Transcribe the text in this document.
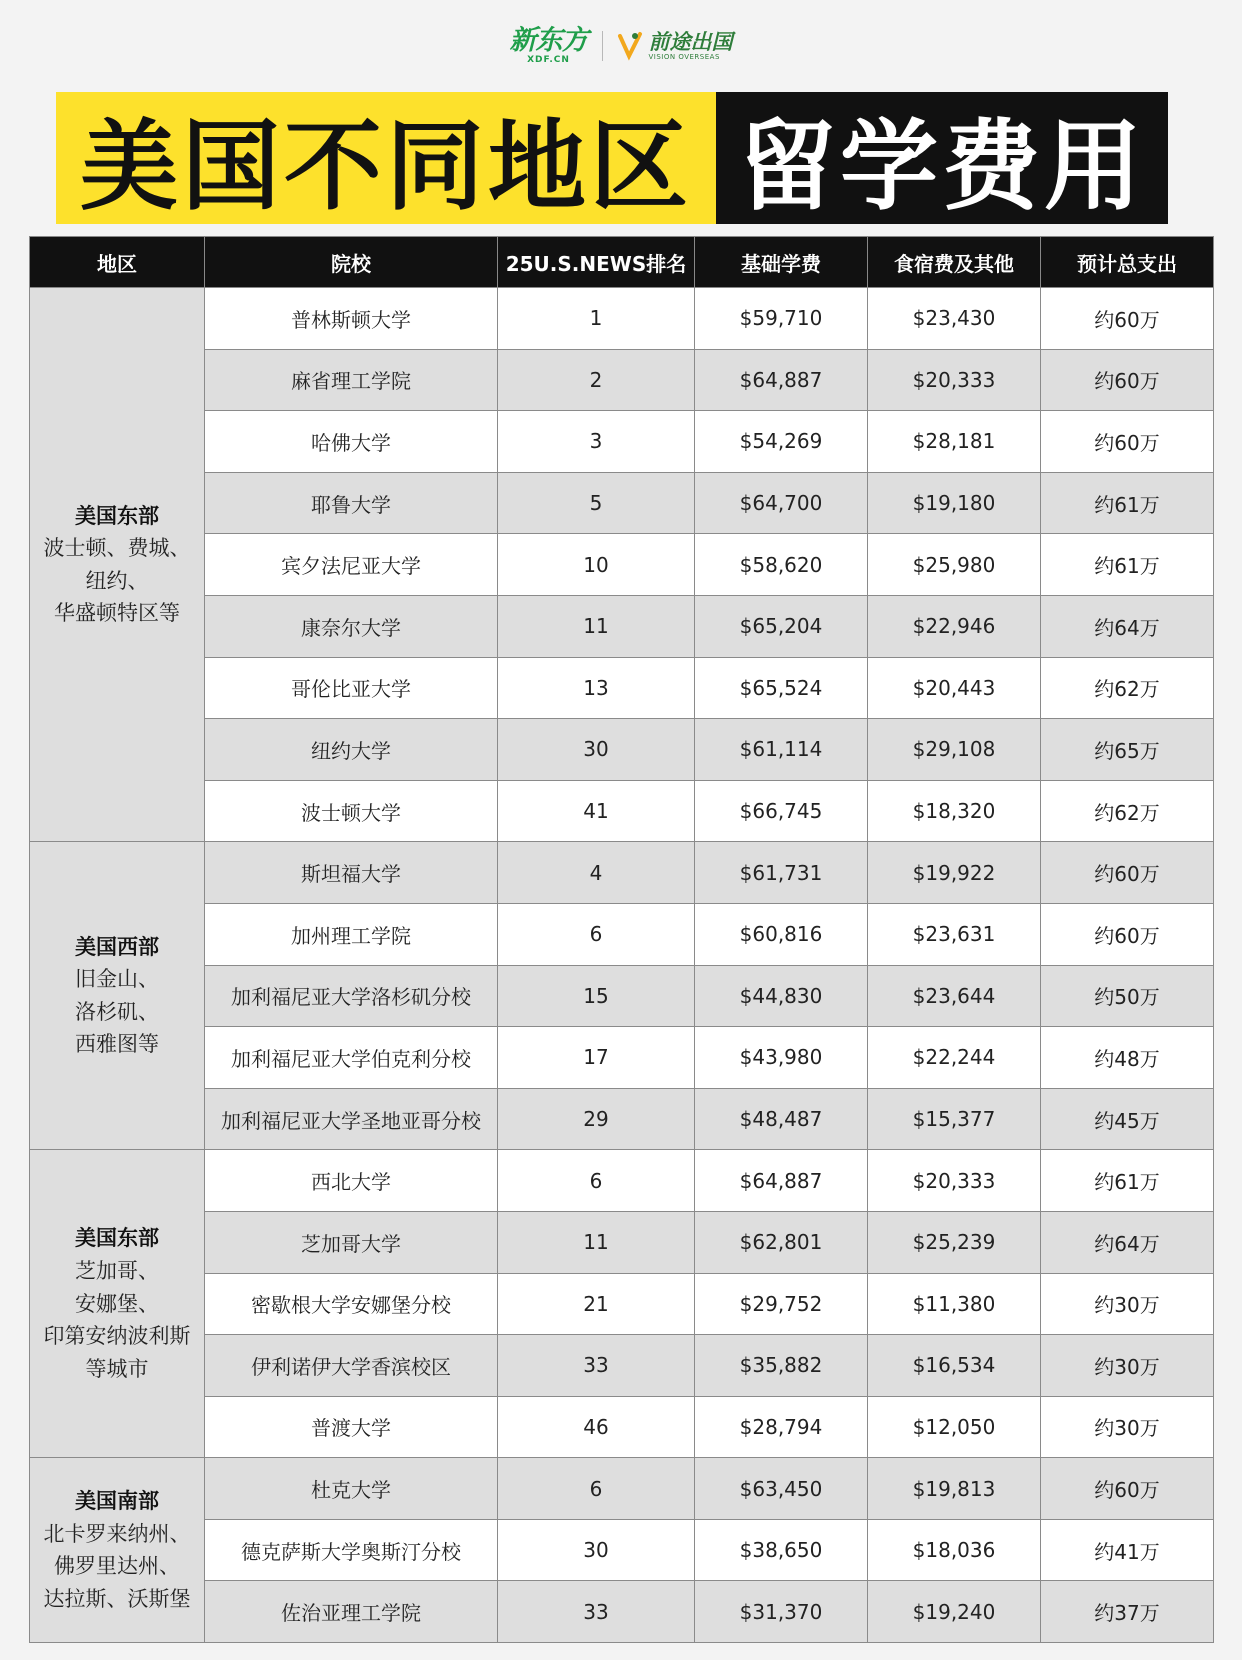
新东方
XDF.CN
前途出国
VISION OVERSEAS
美国不同地区 留学费用
地区	院校	25U.S.NEWS排名	基础学费	食宿费及其他	预计总支出

美国东部
波士顿、费城、
纽约、
华盛顿特区等	普林斯顿大学	1	$59,710	$23,430	约60万
	麻省理工学院	2	$64,887	$20,333	约60万
	哈佛大学	3	$54,269	$28,181	约60万
	耶鲁大学	5	$64,700	$19,180	约61万
	宾夕法尼亚大学	10	$58,620	$25,980	约61万
	康奈尔大学	11	$65,204	$22,946	约64万
	哥伦比亚大学	13	$65,524	$20,443	约62万
	纽约大学	30	$61,114	$29,108	约65万
	波士顿大学	41	$66,745	$18,320	约62万

美国西部
旧金山、
洛杉矶、
西雅图等	斯坦福大学	4	$61,731	$19,922	约60万
	加州理工学院	6	$60,816	$23,631	约60万
	加利福尼亚大学洛杉矶分校	15	$44,830	$23,644	约50万
	加利福尼亚大学伯克利分校	17	$43,980	$22,244	约48万
	加利福尼亚大学圣地亚哥分校	29	$48,487	$15,377	约45万

美国东部
芝加哥、
安娜堡、
印第安纳波利斯
等城市	西北大学	6	$64,887	$20,333	约61万
	芝加哥大学	11	$62,801	$25,239	约64万
	密歇根大学安娜堡分校	21	$29,752	$11,380	约30万
	伊利诺伊大学香滨校区	33	$35,882	$16,534	约30万
	普渡大学	46	$28,794	$12,050	约30万

美国南部
北卡罗来纳州、
佛罗里达州、
达拉斯、沃斯堡	杜克大学	6	$63,450	$19,813	约60万
	德克萨斯大学奥斯汀分校	30	$38,650	$18,036	约41万
	佐治亚理工学院	33	$31,370	$19,240	约37万
